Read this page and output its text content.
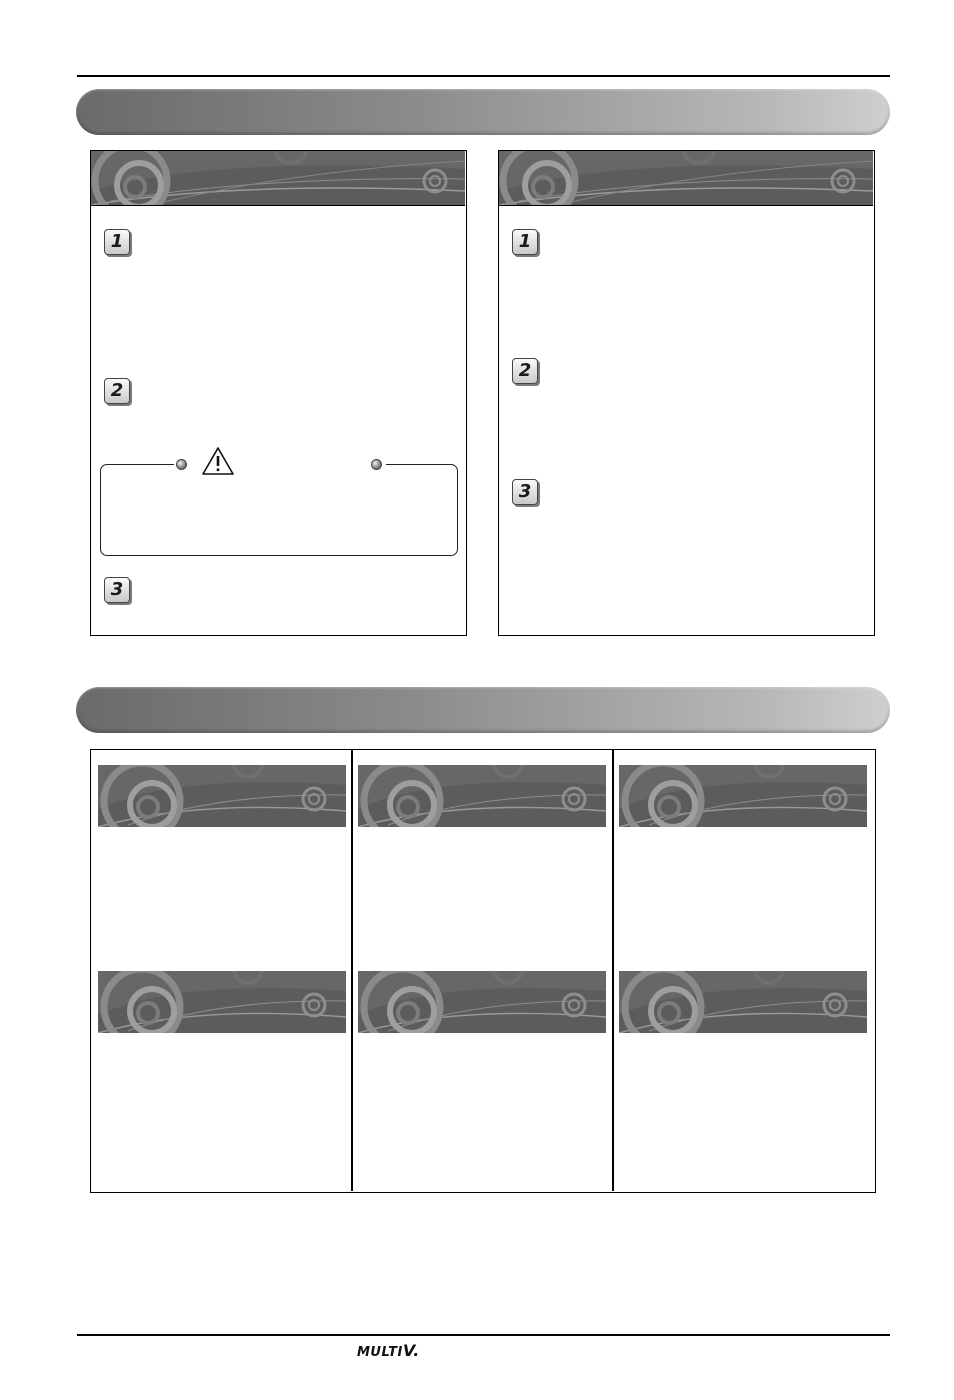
1
2
3
1
2
3
MULTIV.
